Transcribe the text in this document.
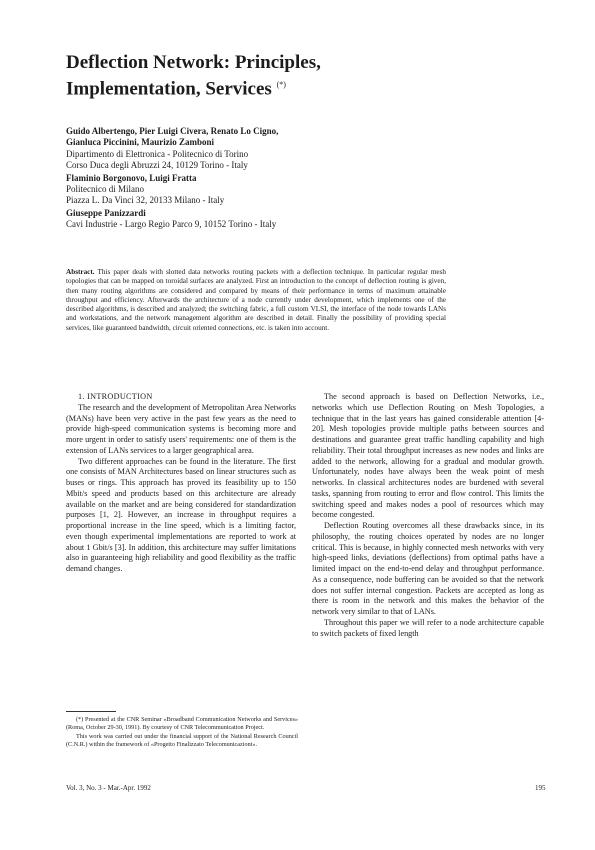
Deflection Network: Principles,
Implementation, Services (*)
Guido Albertengo, Pier Luigi Civera, Renato Lo Cigno,
Gianluca Piccinini, Maurizio Zamboni
Dipartimento di Elettronica - Politecnico di Torino
Corso Duca degli Abruzzi 24, 10129 Torino - Italy
Flaminio Borgonovo, Luigi Fratta
Politecnico di Milano
Piazza L. Da Vinci 32, 20133 Milano - Italy
Giuseppe Panizzardi
Cavi Industrie - Largo Regio Parco 9, 10152 Torino - Italy
Abstract. This paper deals with slotted data networks routing packets with a deflection technique. In particular regular mesh topologies that can be mapped on toroidal surfaces are analyzed. First an introduction to the concept of deflection routing is given, then many routing algorithms are considered and compared by means of their performance in terms of maximum attainable throughput and efficiency. Afterwards the architecture of a node currently under development, which implements one of the described algorithms, is described and analyzed; the switching fabric, a full custom VLSI, the interface of the node towards LANs and workstations, and the network management algorithm are described in detail. Finally the possibility of providing special services, like guaranteed bandwidth, circuit oriented connections, etc. is taken into account.

1. INTRODUCTION

The research and the development of Metropolitan Area Networks (MANs) have been very active in the past few years as the need to provide high-speed communication systems is becoming more and more urgent in order to satisfy users' requirements: one of them is the extension of LANs services to a larger geographical area.

Two different approaches can be found in the literature. The first one consists of MAN Architectures based on linear structures such as buses or rings. This approach has proved its feasibility up to 150 Mbit/s speed and products based on this architecture are already available on the market and are being considered for standardization purposes [1, 2]. However, an increase in throughput requires a proportional increase in the line speed, which is a limiting factor, even though experimental implementations are reported to work at about 1 Gbit/s [3]. In addition, this architecture may suffer limitations also in guaranteeing high reliability and good flexibility as the traffic demand changes.

The second approach is based on Deflection Networks, i.e., networks which use Deflection Routing on Mesh Topologies, a technique that in the last years has gained considerable attention [4-20]. Mesh topologies provide multiple paths between sources and destinations and guarantee great traffic handling capability and high reliability. Their total throughput increases as new nodes and links are added to the network, allowing for a gradual and modular growth. Unfortunately, nodes have always been the weak point of mesh networks. In classical architectures nodes are burdened with several tasks, spanning from routing to error and flow control. This limits the switching speed and makes nodes a pool of resources which may become congested.

Deflection Routing overcomes all these drawbacks since, in its philosophy, the routing choices operated by nodes are no longer critical. This is because, in highly connected mesh networks with very high-speed links, deviations (deflections) from optimal paths have a limited impact on the end-to-end delay and throughput performance. As a consequence, node buffering can be avoided so that the network does not suffer internal congestion. Packets are accepted as long as there is room in the network and this makes the behavior of the network very similar to that of LANs.

Throughout this paper we will refer to a node architecture capable to switch packets of fixed length

(*) Presented at the CNR Seminar «Broadband Communication Networks and Services» (Roma, October 29-30, 1991). By courtesy of CNR Telecommunication Project.

This work was carried out under the financial support of the National Research Council (C.N.R.) within the framework of «Progetto Finalizzato Telecomunicazioni».

Vol. 3, No. 3 - Mar.-Apr. 1992	195
